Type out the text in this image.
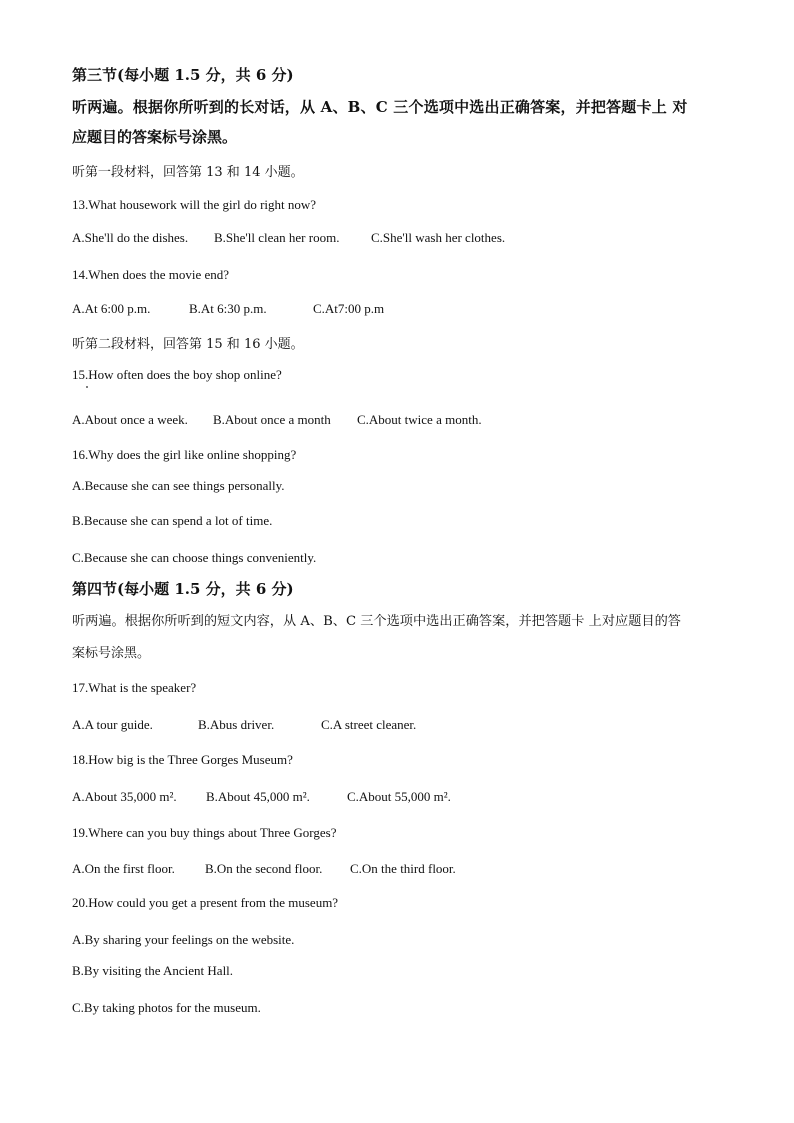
第三节(每小题 1.5 分，共 6 分)
听两遍。根据你所听到的长对话，从 A、B、C 三个选项中选出正确答案，并把答题卡上 对
应题目的答案标号涂黑。
听第一段材料，回答第 13 和 14 小题。
13.What housework will the girl do right now?
A.She'll do the dishes. B.She'll clean her room. C.She'll wash her clothes.
14.When does the movie end?
A.At 6:00 p.m.	B.At 6:30 p.m.	C.At7:00 p.m
听第二段材料，回答第 15 和 16 小题。
15.How often does the boy shop online?
A.About once a week. B.About once a month C.About twice a month.
16.Why does the girl like online shopping?
A.Because she can see things personally.
B.Because she can spend a lot of time.
C.Because she can choose things conveniently.
第四节(每小题 1.5 分，共 6 分)
听两遍。根据你所听到的短文内容，从 A、B、C 三个选项中选出正确答案，并把答题卡 上对应题目的答
案标号涂黑。
17.What is the speaker?
A.A tour guide.	B.Abus driver.	C.A street cleaner.
18.How big is the Three Gorges Museum?
A.About 35,000 m². B.About 45,000 m².	C.About 55,000 m².
19.Where can you buy things about Three Gorges?
A.On the first floor. B.On the second floor. C.On the third floor.
20.How could you get a present from the museum?
A.By sharing your feelings on the website.
B.By visiting the Ancient Hall.
C.By taking photos for the museum.
